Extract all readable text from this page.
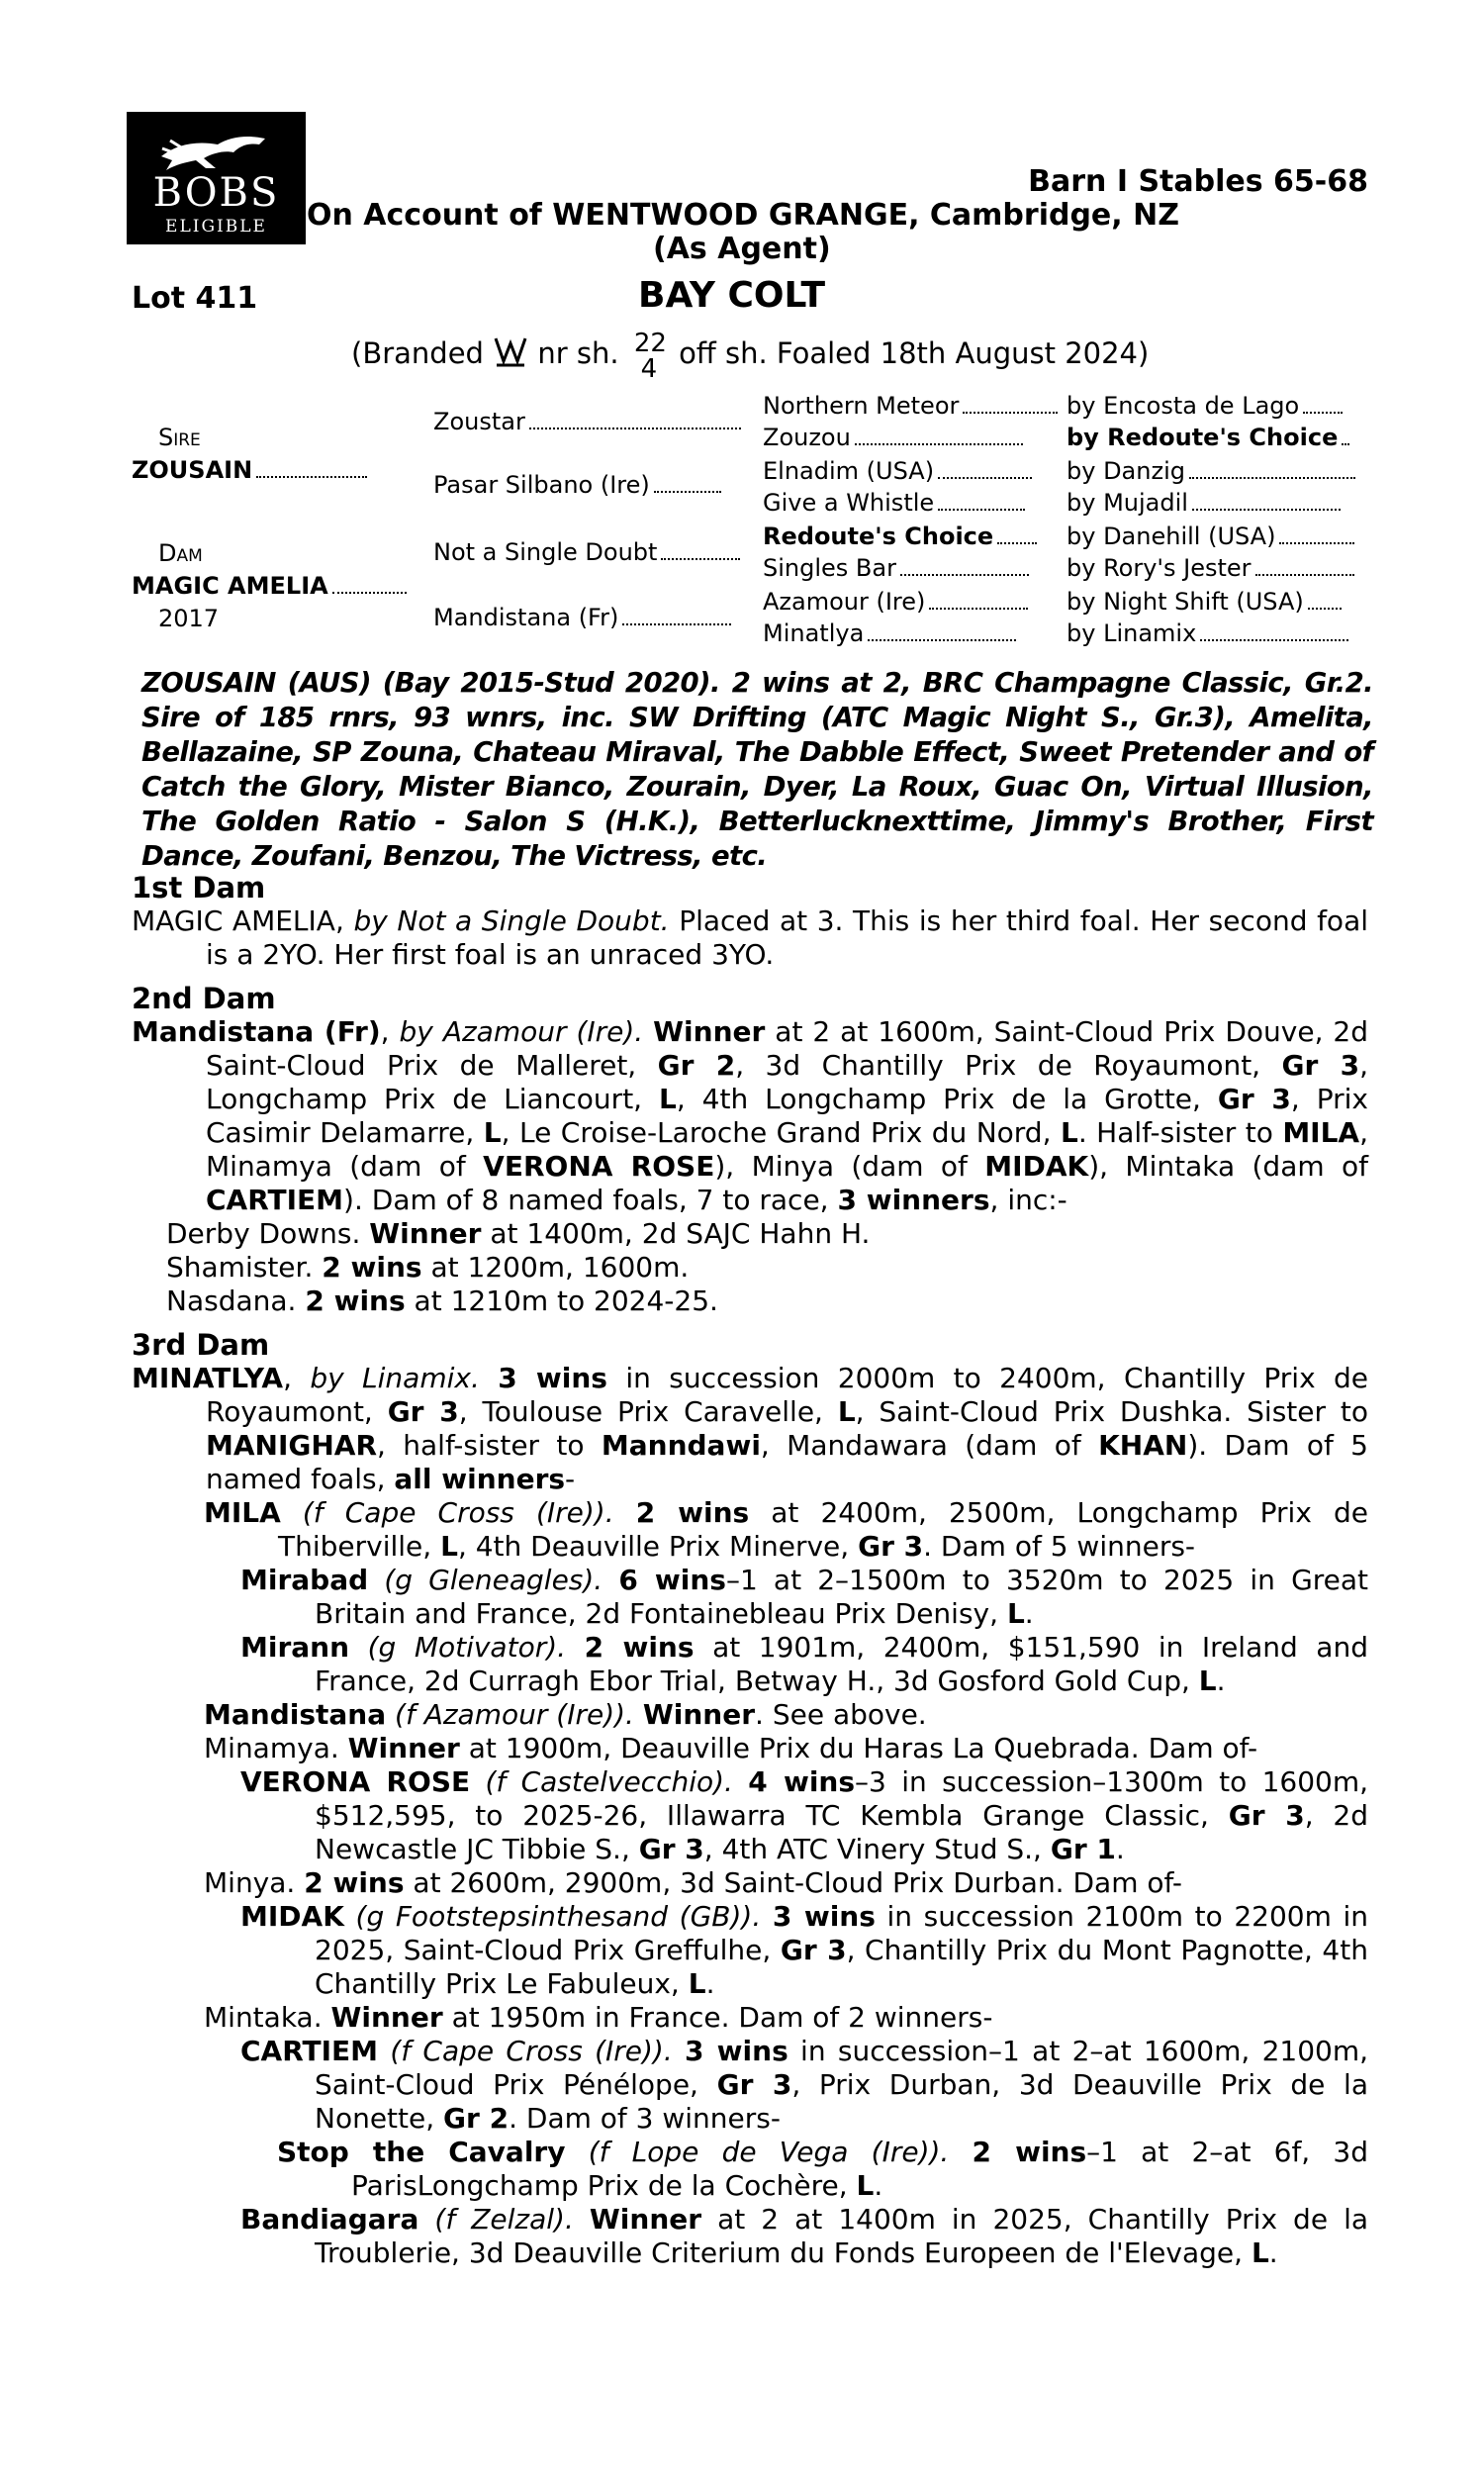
BOBS
ELIGIBLE
Barn I Stables 65-68
On Account of WENTWOOD GRANGE, Cambridge, NZ
(As Agent)
Lot 411	BAY COLT
(Branded nr sh. 22
4 off sh. Foaled 18th August 2024)
Sire
ZOUSAIN
Dam
MAGIC AMELIA
2017
Zoustar
Pasar Silbano (Ire)
Not a Single Doubt
Mandistana (Fr)
Northern Meteor
Zouzou
Elnadim (USA)
Give a Whistle
Redoute's Choice
Singles Bar
Azamour (Ire)
Minatlya
by Encosta de Lago
by Redoute's Choice
by Danzig
by Mujadil
by Danehill (USA)
by Rory's Jester
by Night Shift (USA)
by Linamix
ZOUSAIN (AUS) (Bay 2015-Stud 2020). 2 wins at 2, BRC Champagne Classic, Gr.2. Sire of 185 rnrs, 93 wnrs, inc. SW Drifting (ATC Magic Night S., Gr.3), Amelita, Bellazaine, SP Zouna, Chateau Miraval, The Dabble Effect, Sweet Pretender and of Catch the Glory, Mister Bianco, Zourain, Dyer, La Roux, Guac On, Virtual Illusion, The Golden Ratio - Salon S (H.K.), Betterlucknexttime, Jimmy's Brother, First Dance, Zoufani, Benzou, The Victress, etc.
1st Dam
MAGIC AMELIA, by Not a Single Doubt. Placed at 3. This is her third foal. Her second foal is a 2YO. Her first foal is an unraced 3YO.
2nd Dam
Mandistana (Fr), by Azamour (Ire). Winner at 2 at 1600m, Saint-Cloud Prix Douve, 2d Saint-Cloud Prix de Malleret, Gr 2, 3d Chantilly Prix de Royaumont, Gr 3, Longchamp Prix de Liancourt, L, 4th Longchamp Prix de la Grotte, Gr 3, Prix Casimir Delamarre, L, Le Croise-Laroche Grand Prix du Nord, L. Half-sister to MILA, Minamya (dam of VERONA ROSE), Minya (dam of MIDAK), Mintaka (dam of CARTIEM). Dam of 8 named foals, 7 to race, 3 winners, inc:-
Derby Downs. Winner at 1400m, 2d SAJC Hahn H.
Shamister. 2 wins at 1200m, 1600m.
Nasdana. 2 wins at 1210m to 2024-25.
3rd Dam
MINATLYA, by Linamix. 3 wins in succession 2000m to 2400m, Chantilly Prix de Royaumont, Gr 3, Toulouse Prix Caravelle, L, Saint-Cloud Prix Dushka. Sister to MANIGHAR, half-sister to Manndawi, Mandawara (dam of KHAN). Dam of 5 named foals, all winners-
MILA (f Cape Cross (Ire)). 2 wins at 2400m, 2500m, Longchamp Prix de Thiberville, L, 4th Deauville Prix Minerve, Gr 3. Dam of 5 winners-
Mirabad (g Gleneagles). 6 wins–1 at 2–1500m to 3520m to 2025 in Great Britain and France, 2d Fontainebleau Prix Denisy, L.
Mirann (g Motivator). 2 wins at 1901m, 2400m, $151,590 in Ireland and France, 2d Curragh Ebor Trial, Betway H., 3d Gosford Gold Cup, L.
Mandistana (f Azamour (Ire)). Winner. See above.
Minamya. Winner at 1900m, Deauville Prix du Haras La Quebrada. Dam of-
VERONA ROSE (f Castelvecchio). 4 wins–3 in succession–1300m to 1600m, $512,595, to 2025-26, Illawarra TC Kembla Grange Classic, Gr 3, 2d Newcastle JC Tibbie S., Gr 3, 4th ATC Vinery Stud S., Gr 1.
Minya. 2 wins at 2600m, 2900m, 3d Saint-Cloud Prix Durban. Dam of-
MIDAK (g Footstepsinthesand (GB)). 3 wins in succession 2100m to 2200m in 2025, Saint-Cloud Prix Greffulhe, Gr 3, Chantilly Prix du Mont Pagnotte, 4th Chantilly Prix Le Fabuleux, L.
Mintaka. Winner at 1950m in France. Dam of 2 winners-
CARTIEM (f Cape Cross (Ire)). 3 wins in succession–1 at 2–at 1600m, 2100m, Saint-Cloud Prix Pénélope, Gr 3, Prix Durban, 3d Deauville Prix de la Nonette, Gr 2. Dam of 3 winners-
Stop the Cavalry (f Lope de Vega (Ire)). 2 wins–1 at 2–at 6f, 3d ParisLongchamp Prix de la Cochère, L.
Bandiagara (f Zelzal). Winner at 2 at 1400m in 2025, Chantilly Prix de la Troublerie, 3d Deauville Criterium du Fonds Europeen de l'Elevage, L.
